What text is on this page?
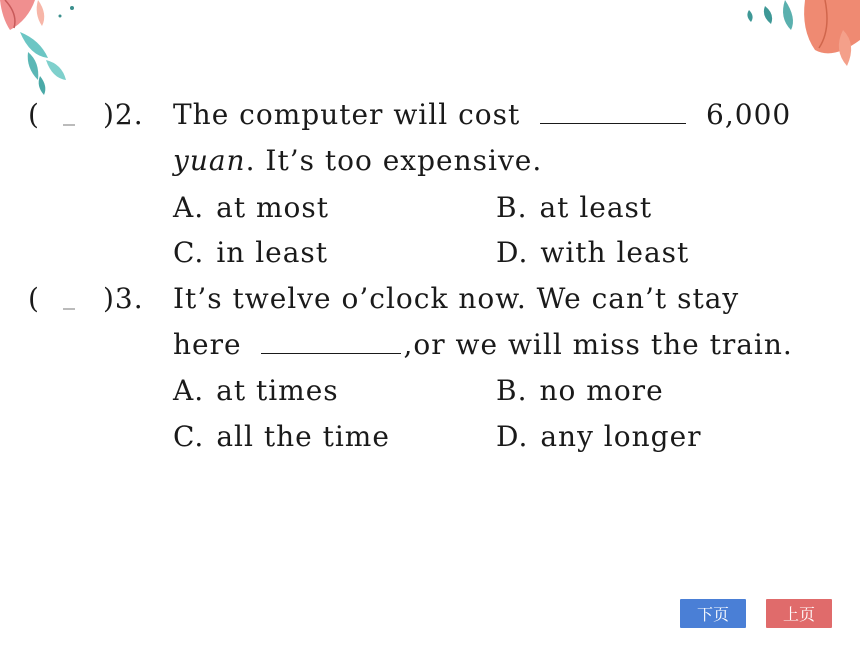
( )2. The computer will cost	6,000
yuan. It’s too expensive.
A. at most	B. at least
C. in least	D. with least
( )3. It’s twelve o’clock now. We can’t stay
here	,or we will miss the train.
A. at times	B. no more
C. all the time	D. any longer
下页	上页
